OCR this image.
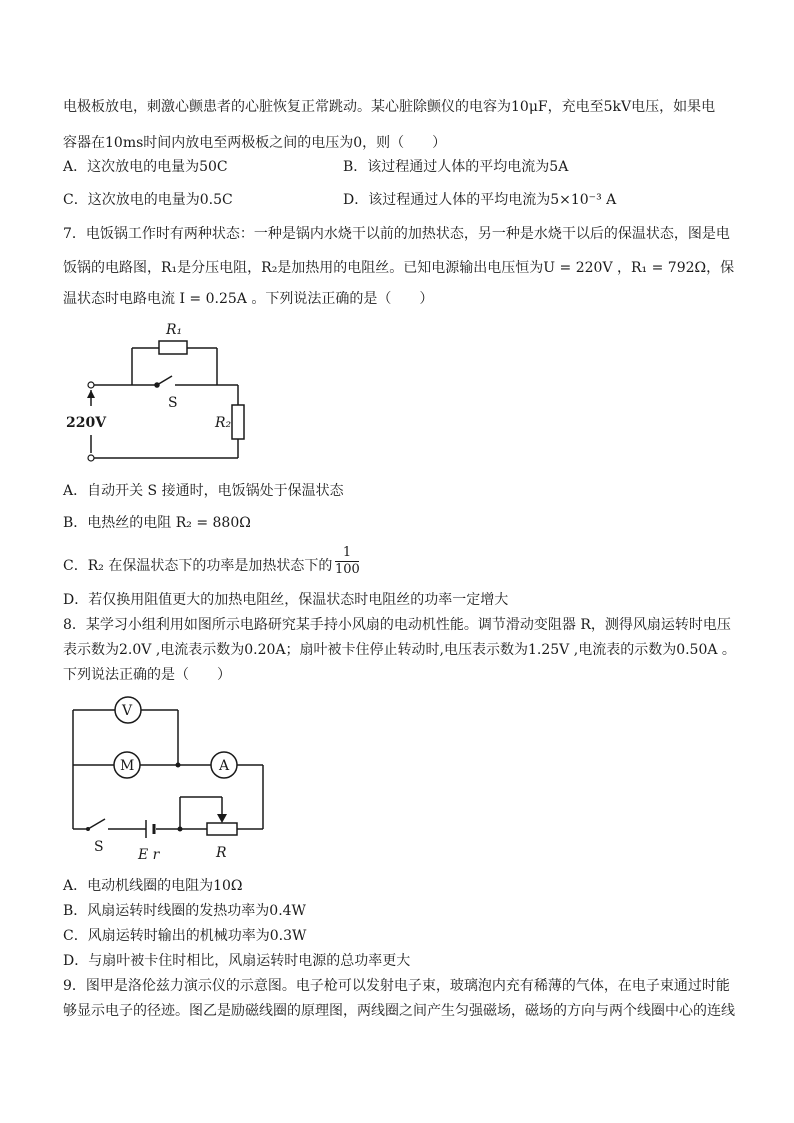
电极板放电，刺激心颤患者的心脏恢复正常跳动。某心脏除颤仪的电容为10μF，充电至5kV电压，如果电
容器在10ms时间内放电至两极板之间的电压为0，则（　　）
A．这次放电的电量为50C	B．该过程通过人体的平均电流为5A
C．这次放电的电量为0.5C	D．该过程通过人体的平均电流为5×10⁻³ A
7．电饭锅工作时有两种状态：一种是锅内水烧干以前的加热状态，另一种是水烧干以后的保温状态，图是电
饭锅的电路图，R₁是分压电阻，R₂是加热用的电阻丝。已知电源输出电压恒为U = 220V ，R₁ = 792Ω，保
温状态时电路电流 I = 0.25A 。下列说法正确的是（　　）
R₁
S
R₂
220V
A．自动开关 S 接通时，电饭锅处于保温状态
B．电热丝的电阻 R₂ = 880Ω
C．R₂ 在保温状态下的功率是加热状态下的 $\frac{1}{100}$
D．若仅换用阻值更大的加热电阻丝，保温状态时电阻丝的功率一定增大
8．某学习小组利用如图所示电路研究某手持小风扇的电动机性能。调节滑动变阻器 R，测得风扇运转时电压
表示数为2.0V ,电流表示数为0.20A；扇叶被卡住停止转动时,电压表示数为1.25V ,电流表的示数为0.50A 。
下列说法正确的是（　　）
V
M	A
S E r	R
A．电动机线圈的电阻为10Ω
B．风扇运转时线圈的发热功率为0.4W
C．风扇运转时输出的机械功率为0.3W
D．与扇叶被卡住时相比，风扇运转时电源的总功率更大
9．图甲是洛伦兹力演示仪的示意图。电子枪可以发射电子束，玻璃泡内充有稀薄的气体，在电子束通过时能
够显示电子的径迹。图乙是励磁线圈的原理图，两线圈之间产生匀强磁场，磁场的方向与两个线圈中心的连线
